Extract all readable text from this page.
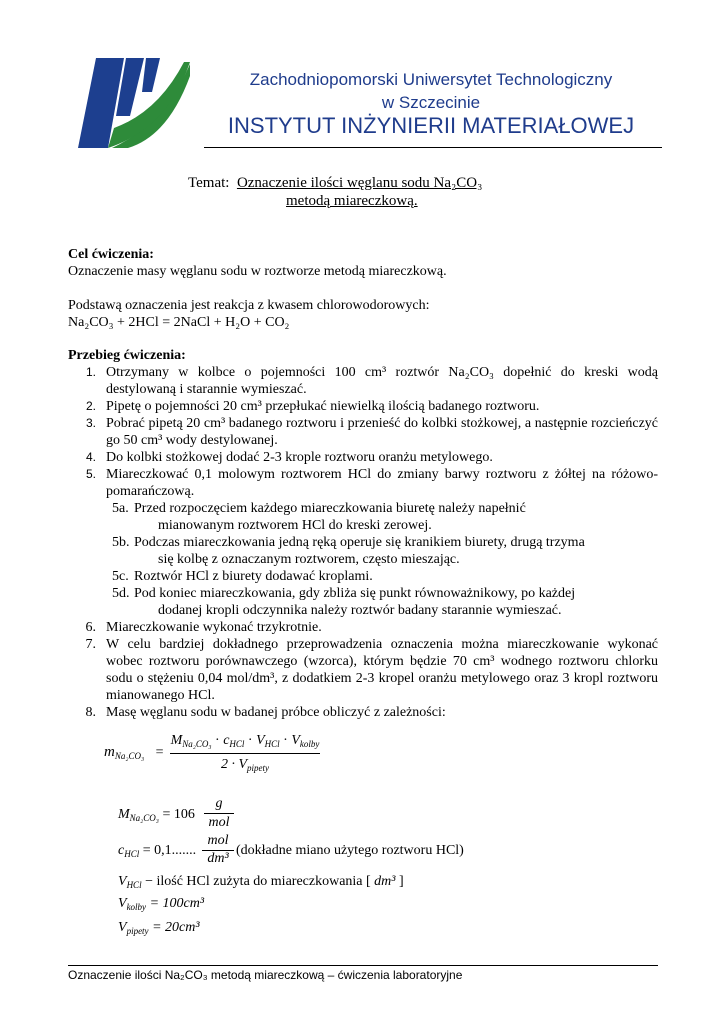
Zachodniopomorski Uniwersytet Technologiczny
w Szczecinie
INSTYTUT INŻYNIERII MATERIAŁOWEJ
Temat: Oznaczenie ilości węglanu sodu Na₂CO₃
metodą miareczkową.
Cel ćwiczenia:
Oznaczenie masy węglanu sodu w roztworze metodą miareczkową.
Podstawą oznaczenia jest reakcja z kwasem chlorowodorowych:
Na₂CO₃ + 2HCl = 2NaCl + H₂O + CO₂
Przebieg ćwiczenia:
1. Otrzymany w kolbce o pojemności 100 cm³ roztwór Na₂CO₃ dopełnić do kreski wodą destylowaną i starannie wymieszać.
2. Pipetę o pojemności 20 cm³ przepłukać niewielką ilością badanego roztworu.
3. Pobrać pipetą 20 cm³ badanego roztworu i przenieść do kolbki stożkowej, a następnie rozcieńczyć go 50 cm³ wody destylowanej.
4. Do kolbki stożkowej dodać 2-3 krople roztworu oranżu metylowego.
5. Miareczkować 0,1 molowym roztworem HCl do zmiany barwy roztworu z żółtej na różowo-pomarańczową.
5a. Przed rozpoczęciem każdego miareczkowania biuretę należy napełnić
mianowanym roztworem HCl do kreski zerowej.
5b. Podczas miareczkowania jedną ręką operuje się kranikiem biurety, drugą trzyma
się kolbę z oznaczanym roztworem, często mieszając.
5c. Roztwór HCl z biurety dodawać kroplami.
5d. Pod koniec miareczkowania, gdy zbliża się punkt równoważnikowy, po każdej
dodanej kropli odczynnika należy roztwór badany starannie wymieszać.
6. Miareczkowanie wykonać trzykrotnie.
7. W celu bardziej dokładnego przeprowadzenia oznaczenia można miareczkowanie wykonać wobec roztworu porównawczego (wzorca), którym będzie 70 cm³ wodnego roztworu chlorku sodu o stężeniu 0,04 mol/dm³, z dodatkiem 2-3 kropel oranżu metylowego oraz 3 kropl roztworu mianowanego HCl.
8. Masę węglanu sodu w badanej próbce obliczyć z zależności:
$m_{Na_2CO_3}$ =
$M_{Na_2CO_3} \cdot c_{HCl} \cdot V_{HCl} \cdot V_{kolby}$
$2 \cdot V_{pipety}$
$M_{Na_2CO_3} = 106$
g
mol
$c_{HCl} = 0,1$.......
mol
dm³
(dokładne miano użytego roztworu HCl)
$V_{HCl}$ − ilość HCl zużyta do miareczkowania [ dm³ ]
$V_{kolby} = 100cm^3$
$V_{pipety} = 20cm^3$
Oznaczenie ilości Na₂CO₃ metodą miareczkową – ćwiczenia laboratoryjne
